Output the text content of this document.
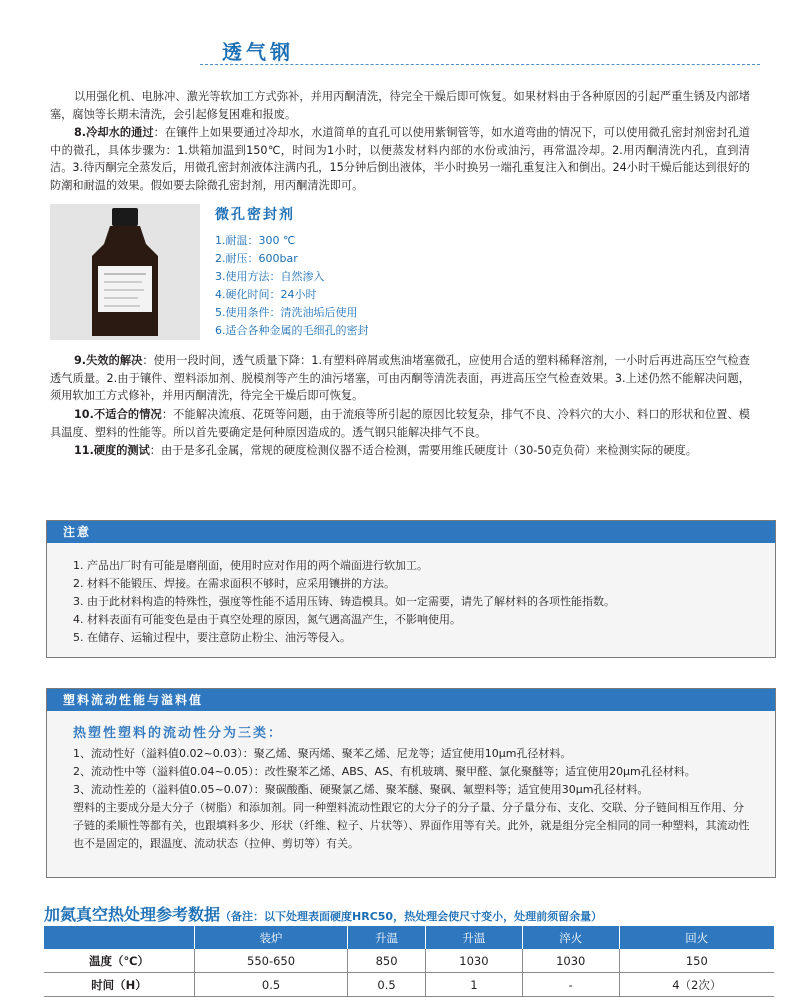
透气钢
以用强化机、电脉冲、激光等软加工方式弥补，并用丙酮清洗，待完全干燥后即可恢复。如果材料由于各种原因的引起严重生锈及内部堵塞，腐蚀等长期未清洗，会引起修复困难和报废。
8.冷却水的通过：在镶件上如果要通过冷却水，水道简单的直孔可以使用紫铜管等，如水道弯曲的情况下，可以使用微孔密封剂密封孔道中的微孔，具体步骤为：1.烘箱加温到150℃，时间为1小时，以便蒸发材料内部的水份或油污，再常温冷却。2.用丙酮清洗内孔，直到清洁。3.待丙酮完全蒸发后，用微孔密封剂液体注满内孔，15分钟后倒出液体，半小时换另一端孔重复注入和倒出。24小时干燥后能达到很好的防潮和耐温的效果。假如要去除微孔密封剂，用丙酮清洗即可。
微孔密封剂
1.耐温：300 ℃
2.耐压：600bar
3.使用方法：自然渗入
4.硬化时间：24小时
5.使用条件：清洗油垢后使用
6.适合各种金属的毛细孔的密封
9.失效的解决：使用一段时间，透气质量下降：1.有塑料碎屑或焦油堵塞微孔，应使用合适的塑料稀释溶剂，一小时后再进高压空气检查透气质量。2.由于镶件、塑料添加剂、脱模剂等产生的油污堵塞，可由丙酮等清洗表面，再进高压空气检查效果。3.上述仍然不能解决问题，须用软加工方式修补，并用丙酮清洗，待完全干燥后即可恢复。
10.不适合的情况：不能解决流痕、花斑等问题，由于流痕等所引起的原因比较复杂，排气不良、冷料穴的大小、料口的形状和位置、模具温度、塑料的性能等。所以首先要确定是何种原因造成的。透气钢只能解决排气不良。
11.硬度的测试：由于是多孔金属，常规的硬度检测仪器不适合检测，需要用维氏硬度计（30-50克负荷）来检测实际的硬度。
注意
1. 产品出厂时有可能是磨削面，使用时应对作用的两个端面进行软加工。
2. 材料不能锻压、焊接。在需求面积不够时，应采用镶拼的方法。
3. 由于此材料构造的特殊性，强度等性能不适用压铸、铸造模具。如一定需要，请先了解材料的各项性能指数。
4. 材料表面有可能变色是由于真空处理的原因，氮气遇高温产生，不影响使用。
5. 在储存、运输过程中，要注意防止粉尘、油污等侵入。
塑料流动性能与溢料值
热塑性塑料的流动性分为三类：
1、流动性好（溢料值0.02~0.03）：聚乙烯、聚丙烯、聚苯乙烯、尼龙等；适宜使用10μm孔径材料。
2、流动性中等（溢料值0.04~0.05）：改性聚苯乙烯、ABS、AS、有机玻璃、聚甲醛、氯化聚醚等；适宜使用20μm孔径材料。
3、流动性差的（溢料值0.05~0.07）：聚碳酸酯、硬聚氯乙烯、聚苯醚、聚砜、氟塑料等；适宜使用30μm孔径材料。
塑料的主要成分是大分子（树脂）和添加剂。同一种塑料流动性跟它的大分子的分子量、分子量分布、支化、交联、分子链间相互作用、分子链的柔顺性等都有关，也跟填料多少、形状（纤维、粒子、片状等）、界面作用等有关。此外，就是组分完全相同的同一种塑料，其流动性也不是固定的，跟温度、流动状态（拉伸、剪切等）有关。
加氮真空热处理参考数据（备注：以下处理表面硬度HRC50，热处理会使尺寸变小，处理前须留余量）
	装炉	升温	升温	淬火	回火
温度（℃）	550-650	850	1030	1030	150
时间（H）	0.5	0.5	1	-	4（2次）
